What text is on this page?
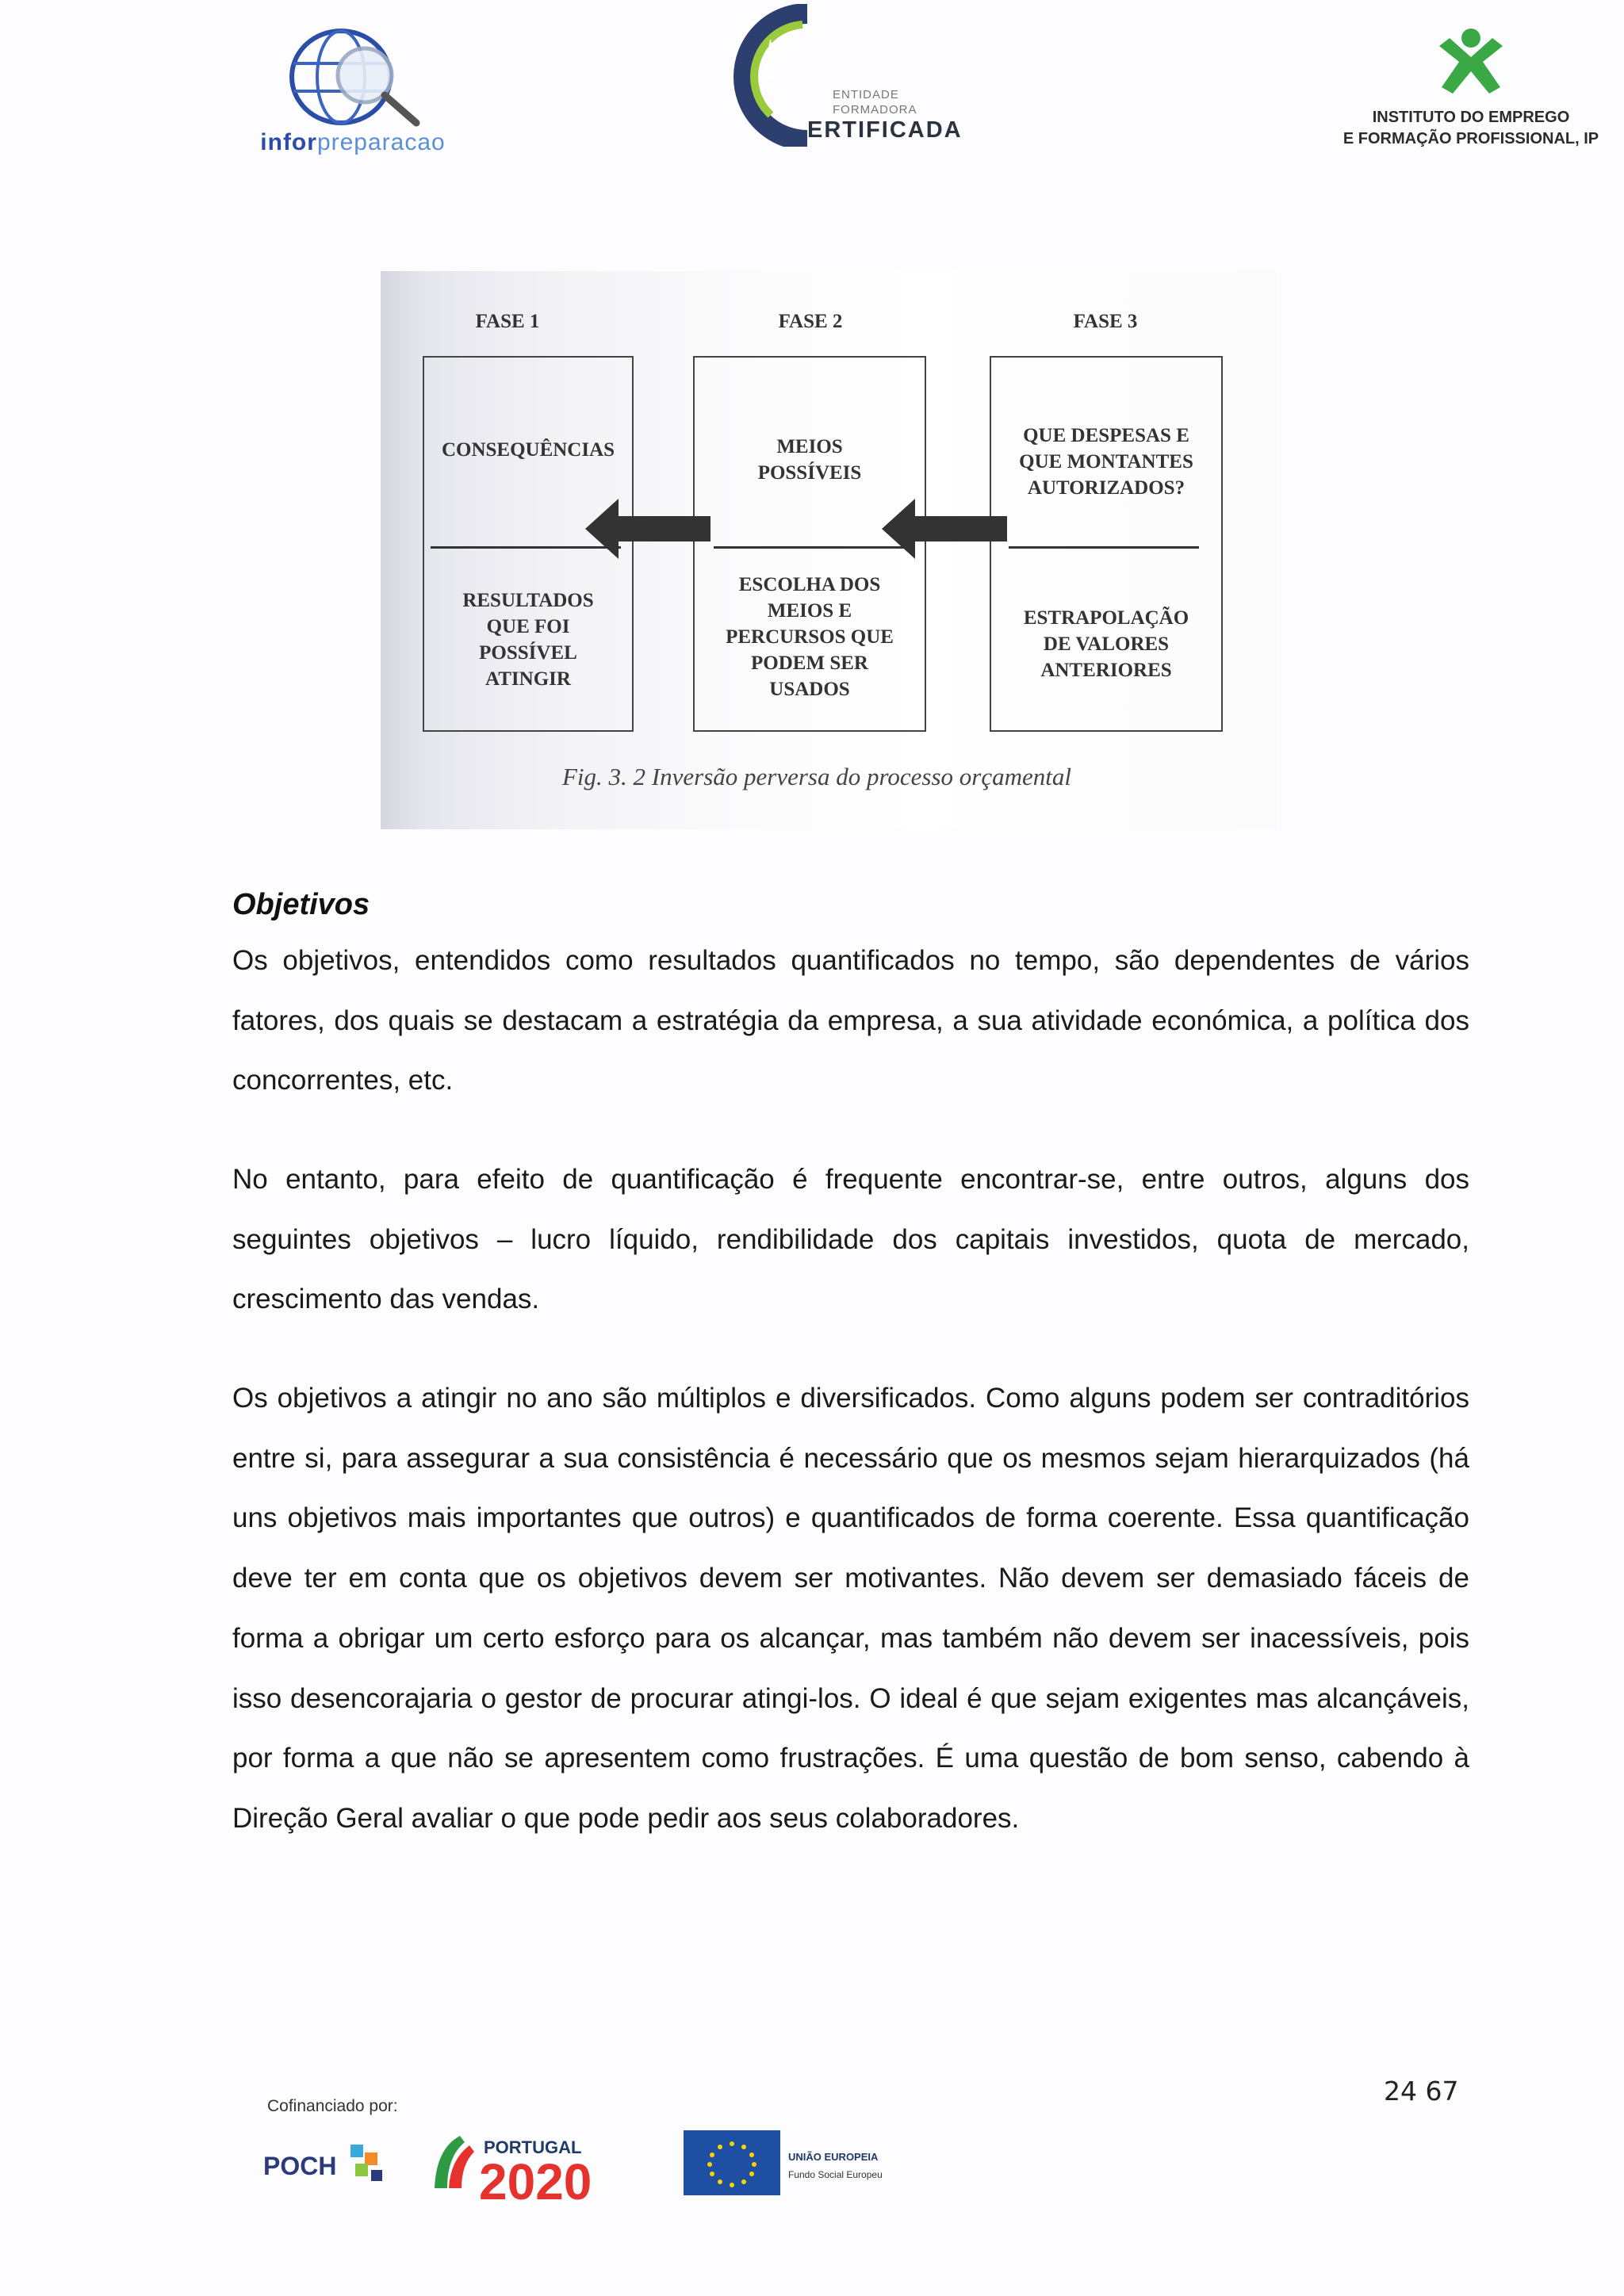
inforpreparacao
DGERT
ENTIDADE
FORMADORA
ERTIFICADA	INSTITUTO DO EMPREGO
E FORMAÇÃO PROFISSIONAL, IP
FASE 1	FASE 2	FASE 3
CONSEQUÊNCIAS
RESULTADOS
QUE FOI
POSSÍVEL
ATINGIR
MEIOS
POSSÍVEIS
ESCOLHA DOS
MEIOS E
PERCURSOS QUE
PODEM SER
USADOS
QUE DESPESAS E
QUE MONTANTES
AUTORIZADOS?
ESTRAPOLAÇÃO
DE VALORES
ANTERIORES
Fig. 3. 2 Inversão perversa do processo orçamental
Objetivos

Os objetivos, entendidos como resultados quantificados no tempo, são dependentes de vários fatores, dos quais se destacam a estratégia da empresa, a sua atividade económica, a política dos concorrentes, etc.

No entanto, para efeito de quantificação é frequente encontrar-se, entre outros, alguns dos seguintes objetivos – lucro líquido, rendibilidade dos capitais investidos, quota de mercado, crescimento das vendas.

Os objetivos a atingir no ano são múltiplos e diversificados. Como alguns podem ser contraditórios entre si, para assegurar a sua consistência é necessário que os mesmos sejam hierarquizados (há uns objetivos mais importantes que outros) e quantificados de forma coerente. Essa quantificação deve ter em conta que os objetivos devem ser motivantes. Não devem ser demasiado fáceis de forma a obrigar um certo esforço para os alcançar, mas também não devem ser inacessíveis, pois isso desencorajaria o gestor de procurar atingi-los. O ideal é que sejam exigentes mas alcançáveis, por forma a que não se apresentem como frustrações. É uma questão de bom senso, cabendo à Direção Geral avaliar o que pode pedir aos seus colaboradores.

24 67
Cofinanciado por:
POCH
PORTUGAL
2020	UNIÃO EUROPEIA
Fundo Social Europeu
